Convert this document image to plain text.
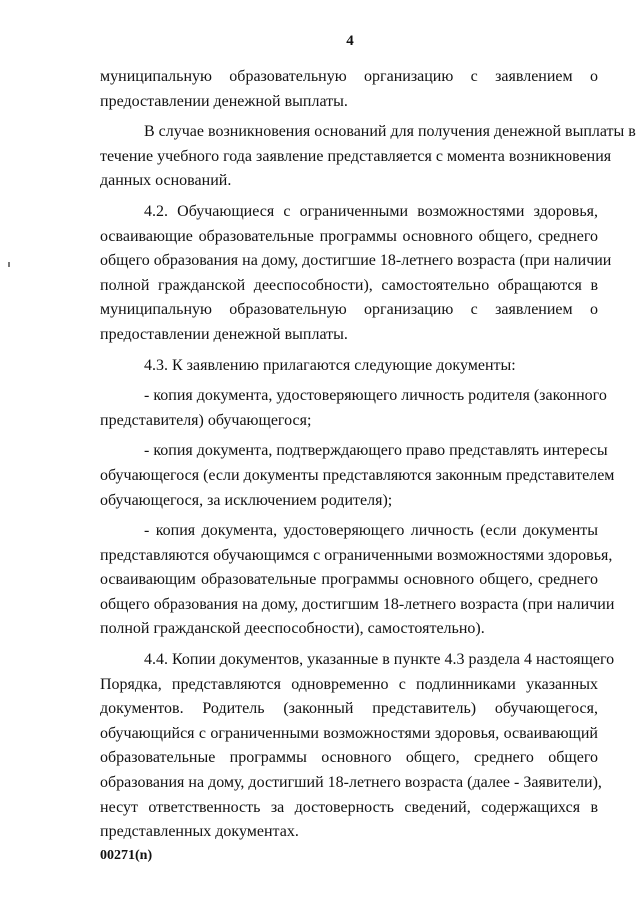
4
муниципальную образовательную организацию с заявлением о
предоставлении денежной выплаты.
В случае возникновения оснований для получения денежной выплаты в
течение учебного года заявление представляется с момента возникновения
данных оснований.
4.2. Обучающиеся с ограниченными возможностями здоровья,
осваивающие образовательные программы основного общего, среднего
общего образования на дому, достигшие 18-летнего возраста (при наличии
полной гражданской дееспособности), самостоятельно обращаются в
муниципальную образовательную организацию с заявлением о
предоставлении денежной выплаты.
4.3. К заявлению прилагаются следующие документы:
- копия документа, удостоверяющего личность родителя (законного
представителя) обучающегося;
- копия документа, подтверждающего право представлять интересы
обучающегося (если документы представляются законным представителем
обучающегося, за исключением родителя);
- копия документа, удостоверяющего личность (если документы
представляются обучающимся с ограниченными возможностями здоровья,
осваивающим образовательные программы основного общего, среднего
общего образования на дому, достигшим 18-летнего возраста (при наличии
полной гражданской дееспособности), самостоятельно).
4.4. Копии документов, указанные в пункте 4.3 раздела 4 настоящего
Порядка, представляются одновременно с подлинниками указанных
документов. Родитель (законный представитель) обучающегося,
обучающийся с ограниченными возможностями здоровья, осваивающий
образовательные программы основного общего, среднего общего
образования на дому, достигший 18-летнего возраста (далее - Заявители),
несут ответственность за достоверность сведений, содержащихся в
представленных документах.
00271(n)
